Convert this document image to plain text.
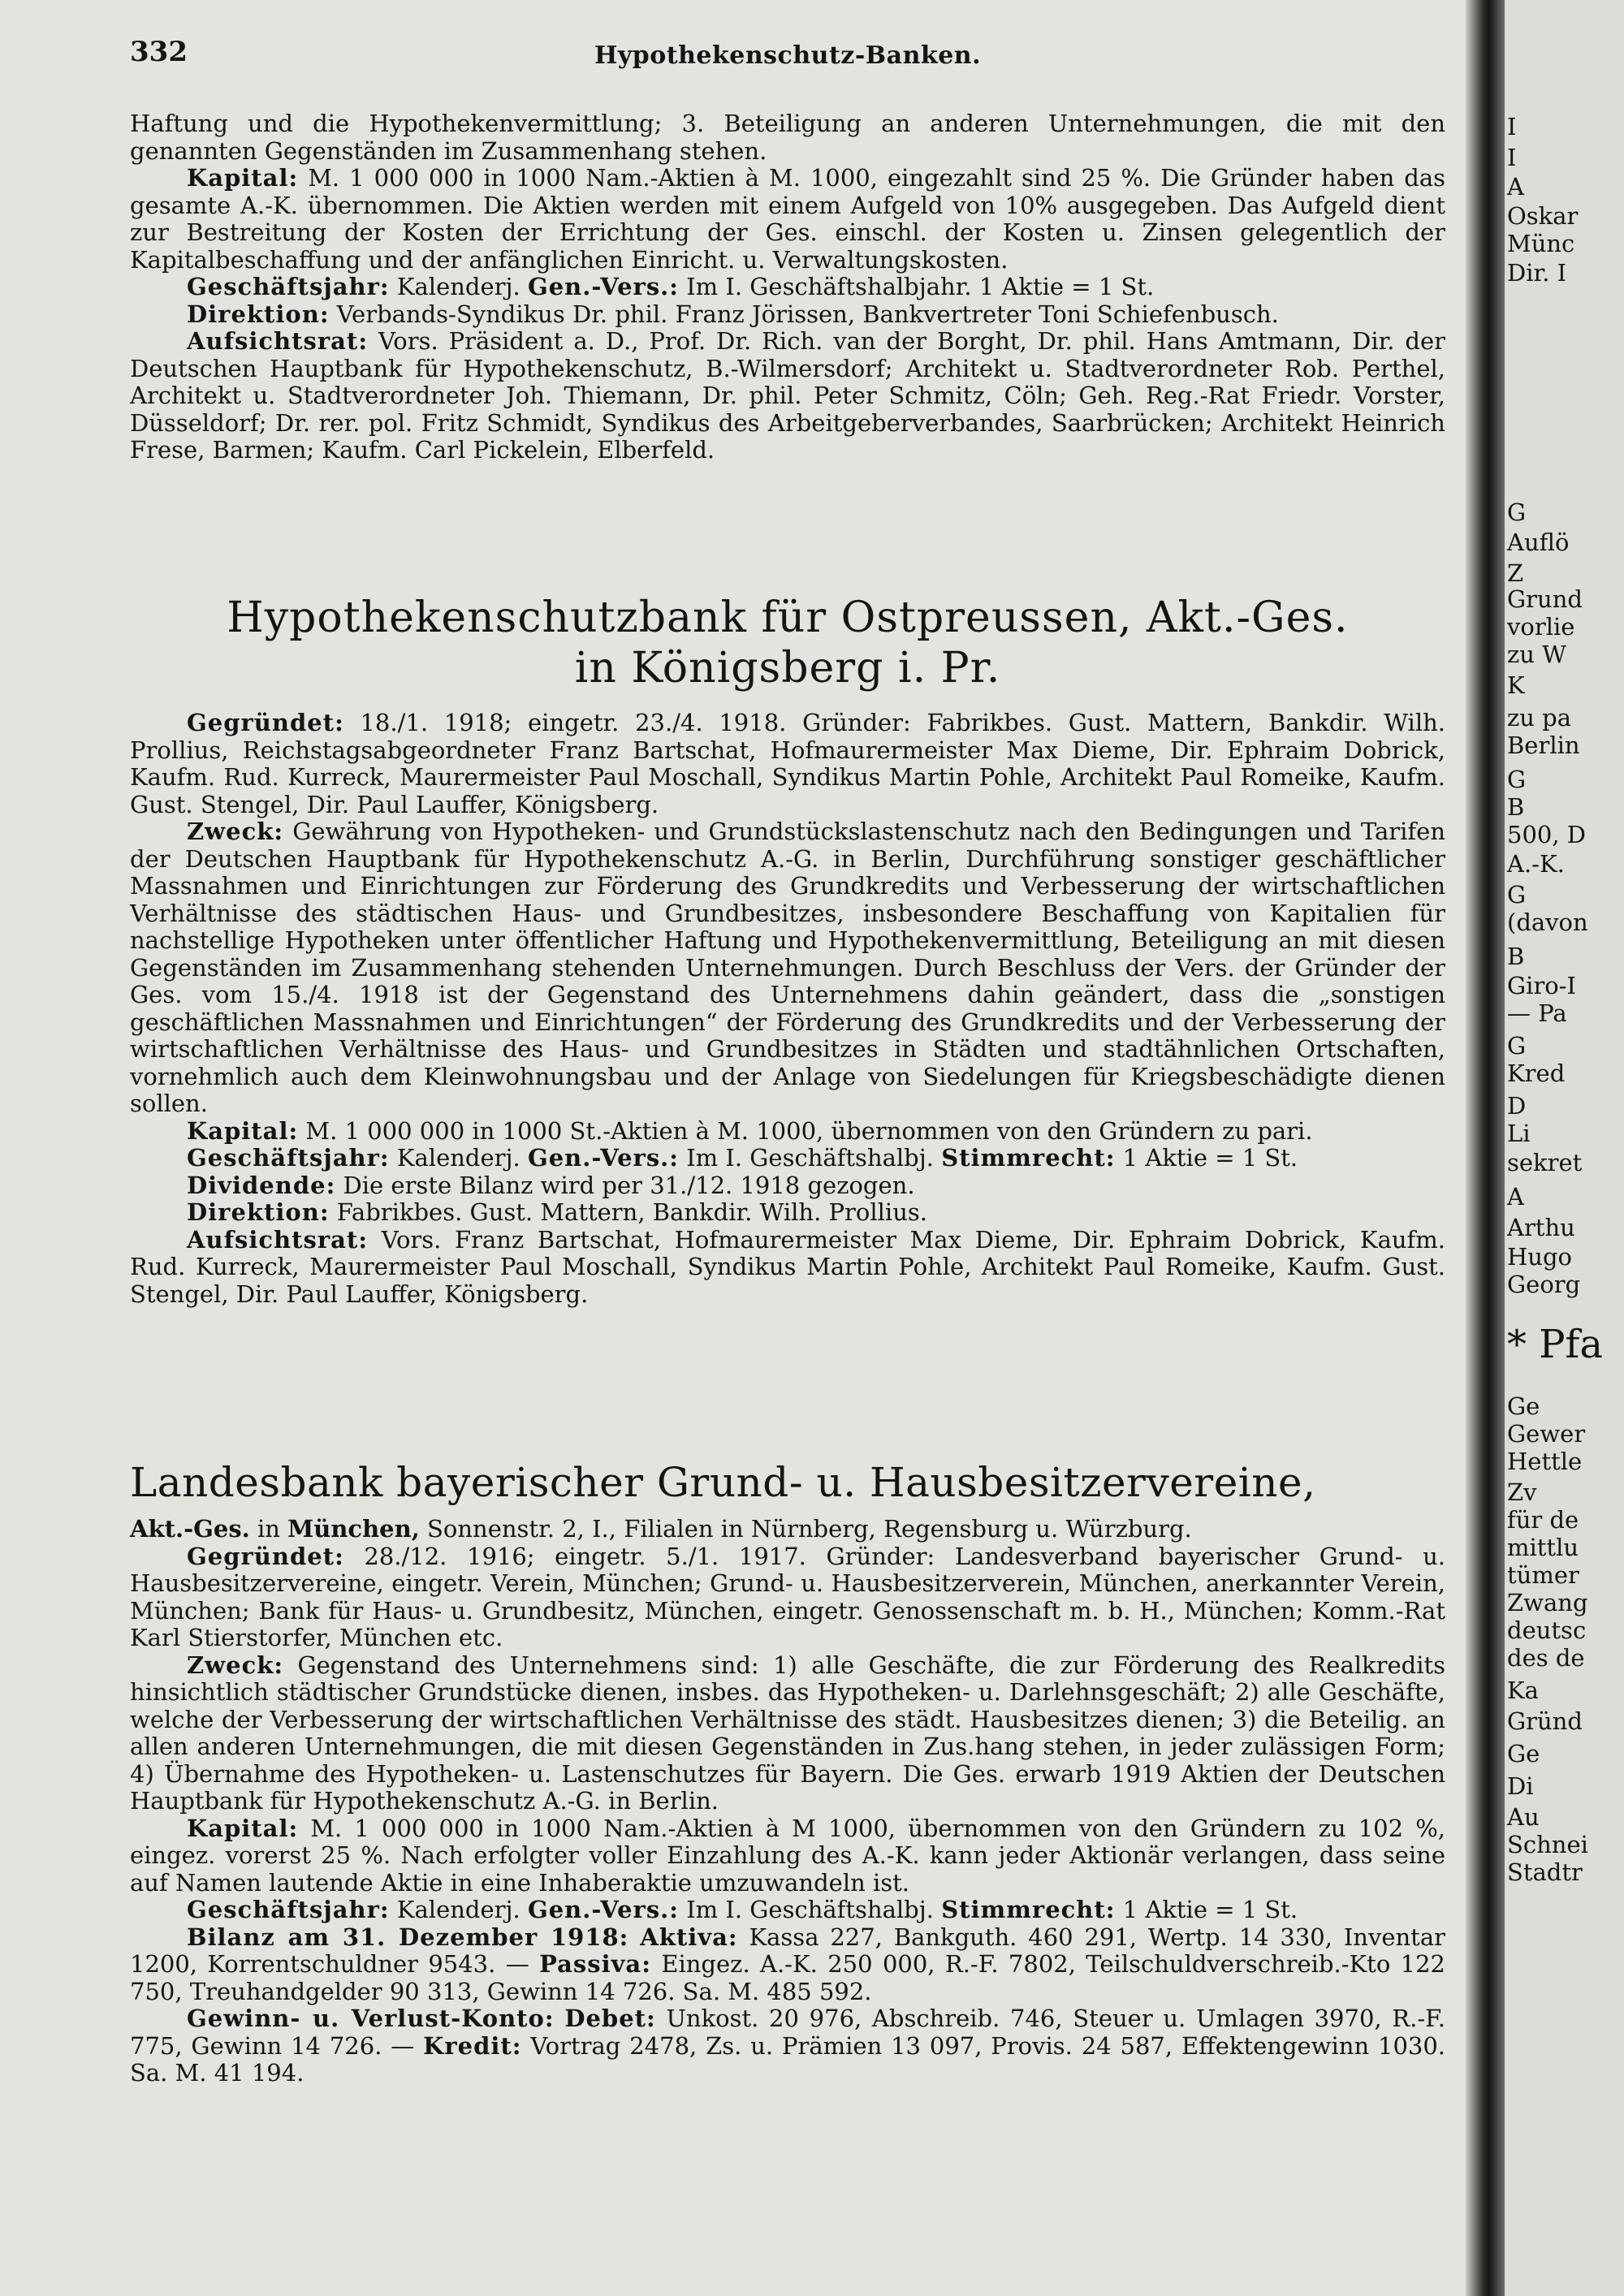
332	Hypothekenschutz-Banken.

Haftung und die Hypothekenvermittlung; 3. Beteiligung an anderen Unternehmungen, die mit den genannten Gegenständen im Zusammenhang stehen.

Kapital: M. 1 000 000 in 1000 Nam.-Aktien à M. 1000, eingezahlt sind 25 %. Die Gründer haben das gesamte A.-K. übernommen. Die Aktien werden mit einem Aufgeld von 10% ausgegeben. Das Aufgeld dient zur Bestreitung der Kosten der Errichtung der Ges. einschl. der Kosten u. Zinsen gelegentlich der Kapitalbeschaffung und der anfänglichen Einricht. u. Verwaltungskosten.

Geschäftsjahr: Kalenderj. Gen.-Vers.: Im I. Geschäftshalbjahr. 1 Aktie = 1 St.

Direktion: Verbands-Syndikus Dr. phil. Franz Jörissen, Bankvertreter Toni Schiefenbusch.

Aufsichtsrat: Vors. Präsident a. D., Prof. Dr. Rich. van der Borght, Dr. phil. Hans Amtmann, Dir. der Deutschen Hauptbank für Hypothekenschutz, B.-Wilmersdorf; Architekt u. Stadtverordneter Rob. Perthel, Architekt u. Stadtverordneter Joh. Thiemann, Dr. phil. Peter Schmitz, Cöln; Geh. Reg.-Rat Friedr. Vorster, Düsseldorf; Dr. rer. pol. Fritz Schmidt, Syndikus des Arbeitgeberverbandes, Saarbrücken; Architekt Heinrich Frese, Barmen; Kaufm. Carl Pickelein, Elberfeld.

Hypothekenschutzbank für Ostpreussen, Akt.-Ges.
in Königsberg i. Pr.

Gegründet: 18./1. 1918; eingetr. 23./4. 1918. Gründer: Fabrikbes. Gust. Mattern, Bankdir. Wilh. Prollius, Reichstagsabgeordneter Franz Bartschat, Hofmaurermeister Max Dieme, Dir. Ephraim Dobrick, Kaufm. Rud. Kurreck, Maurermeister Paul Moschall, Syndikus Martin Pohle, Architekt Paul Romeike, Kaufm. Gust. Stengel, Dir. Paul Lauffer, Königsberg.

Zweck: Gewährung von Hypotheken- und Grundstückslastenschutz nach den Bedingungen und Tarifen der Deutschen Hauptbank für Hypothekenschutz A.-G. in Berlin, Durchführung sonstiger geschäftlicher Massnahmen und Einrichtungen zur Förderung des Grundkredits und Verbesserung der wirtschaftlichen Verhältnisse des städtischen Haus- und Grundbesitzes, insbesondere Beschaffung von Kapitalien für nachstellige Hypotheken unter öffentlicher Haftung und Hypothekenvermittlung, Beteiligung an mit diesen Gegenständen im Zusammenhang stehenden Unternehmungen. Durch Beschluss der Vers. der Gründer der Ges. vom 15./4. 1918 ist der Gegenstand des Unternehmens dahin geändert, dass die „sonstigen geschäftlichen Massnahmen und Einrichtungen“ der Förderung des Grundkredits und der Verbesserung der wirtschaftlichen Verhältnisse des Haus- und Grundbesitzes in Städten und stadtähnlichen Ortschaften, vornehmlich auch dem Kleinwohnungsbau und der Anlage von Siedelungen für Kriegsbeschädigte dienen sollen.

Kapital: M. 1 000 000 in 1000 St.-Aktien à M. 1000, übernommen von den Gründern zu pari.

Geschäftsjahr: Kalenderj. Gen.-Vers.: Im I. Geschäftshalbj. Stimmrecht: 1 Aktie = 1 St.

Dividende: Die erste Bilanz wird per 31./12. 1918 gezogen.

Direktion: Fabrikbes. Gust. Mattern, Bankdir. Wilh. Prollius.

Aufsichtsrat: Vors. Franz Bartschat, Hofmaurermeister Max Dieme, Dir. Ephraim Dobrick, Kaufm. Rud. Kurreck, Maurermeister Paul Moschall, Syndikus Martin Pohle, Architekt Paul Romeike, Kaufm. Gust. Stengel, Dir. Paul Lauffer, Königsberg.

Landesbank bayerischer Grund- u. Hausbesitzervereine,

Akt.-Ges. in München, Sonnenstr. 2, I., Filialen in Nürnberg, Regensburg u. Würzburg.

Gegründet: 28./12. 1916; eingetr. 5./1. 1917. Gründer: Landesverband bayerischer Grund- u. Hausbesitzervereine, eingetr. Verein, München; Grund- u. Hausbesitzerverein, München, anerkannter Verein, München; Bank für Haus- u. Grundbesitz, München, eingetr. Genossenschaft m. b. H., München; Komm.-Rat Karl Stierstorfer, München etc.

Zweck: Gegenstand des Unternehmens sind: 1) alle Geschäfte, die zur Förderung des Realkredits hinsichtlich städtischer Grundstücke dienen, insbes. das Hypotheken- u. Darlehnsgeschäft; 2) alle Geschäfte, welche der Verbesserung der wirtschaftlichen Verhältnisse des städt. Hausbesitzes dienen; 3) die Beteilig. an allen anderen Unternehmungen, die mit diesen Gegenständen in Zus.hang stehen, in jeder zulässigen Form; 4) Übernahme des Hypotheken- u. Lastenschutzes für Bayern. Die Ges. erwarb 1919 Aktien der Deutschen Hauptbank für Hypothekenschutz A.-G. in Berlin.

Kapital: M. 1 000 000 in 1000 Nam.-Aktien à M 1000, übernommen von den Gründern zu 102 %, eingez. vorerst 25 %. Nach erfolgter voller Einzahlung des A.-K. kann jeder Aktionär verlangen, dass seine auf Namen lautende Aktie in eine Inhaberaktie umzuwandeln ist.

Geschäftsjahr: Kalenderj. Gen.-Vers.: Im I. Geschäftshalbj. Stimmrecht: 1 Aktie = 1 St.

Bilanz am 31. Dezember 1918: Aktiva: Kassa 227, Bankguth. 460 291, Wertp. 14 330, Inventar 1200, Korrentschuldner 9543. — Passiva: Eingez. A.-K. 250 000, R.-F. 7802, Teilschuldverschreib.-Kto 122 750, Treuhandgelder 90 313, Gewinn 14 726. Sa. M. 485 592.

Gewinn- u. Verlust-Konto: Debet: Unkost. 20 976, Abschreib. 746, Steuer u. Umlagen 3970, R.-F. 775, Gewinn 14 726. — Kredit: Vortrag 2478, Zs. u. Prämien 13 097, Provis. 24 587, Effektengewinn 1030. Sa. M. 41 194.

I
I
A
Oskar
Münc
Dir. I
G
Auflö
Z
Grund
vorlie
zu W
K
zu pa
Berlin
G
B
500, D
A.-K.
G
(davon
B
Giro-I
— Pa
G
Kred
D
Li
sekret
A
Arthu
Hugo
Georg
* Pfa
Ge
Gewer
Hettle
Zv
für de
mittlu
tümer
Zwang
deutsc
des de
Ka
Gründ
Ge
Di
Au
Schnei
Stadtr
